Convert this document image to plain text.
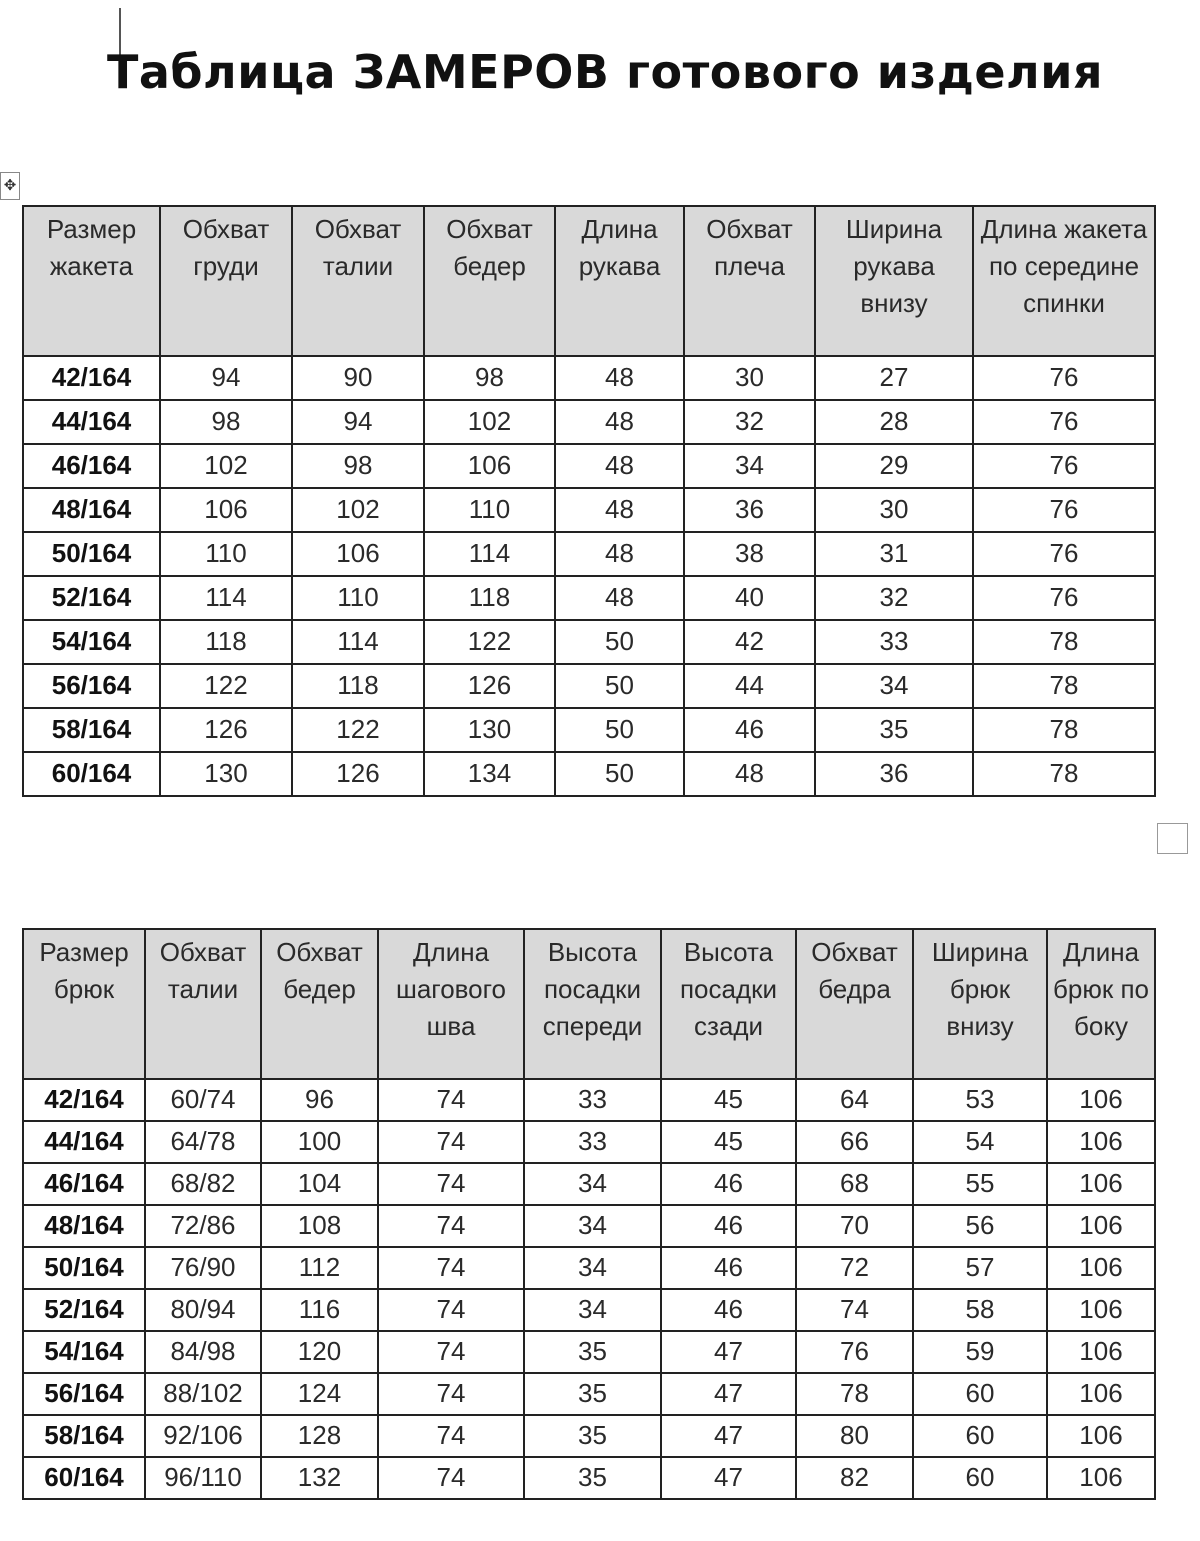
Таблица ЗАМЕРОВ готового изделия
✥
Размер жакета	Обхват груди	Обхват талии	Обхват бедер	Длина рукава	Обхват плеча	Ширина рукава внизу	Длина жакета по середине спинки
42/164	94	90	98	48	30	27	76
44/164	98	94	102	48	32	28	76
46/164	102	98	106	48	34	29	76
48/164	106	102	110	48	36	30	76
50/164	110	106	114	48	38	31	76
52/164	114	110	118	48	40	32	76
54/164	118	114	122	50	42	33	78
56/164	122	118	126	50	44	34	78
58/164	126	122	130	50	46	35	78
60/164	130	126	134	50	48	36	78
Размер брюк	Обхват талии	Обхват бедер	Длина шагового шва	Высота посадки спереди	Высота посадки сзади	Обхват бедра	Ширина брюк внизу	Длина брюк по боку
42/164	60/74	96	74	33	45	64	53	106
44/164	64/78	100	74	33	45	66	54	106
46/164	68/82	104	74	34	46	68	55	106
48/164	72/86	108	74	34	46	70	56	106
50/164	76/90	112	74	34	46	72	57	106
52/164	80/94	116	74	34	46	74	58	106
54/164	84/98	120	74	35	47	76	59	106
56/164	88/102	124	74	35	47	78	60	106
58/164	92/106	128	74	35	47	80	60	106
60/164	96/110	132	74	35	47	82	60	106
